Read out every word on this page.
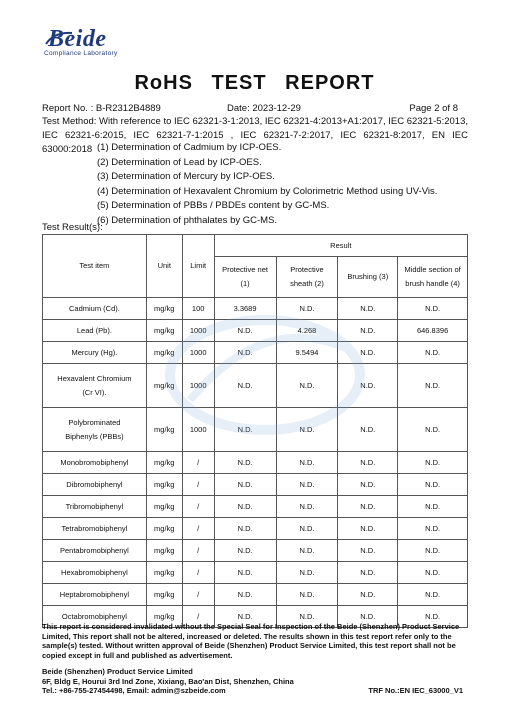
Beide
Compliance Laboratory
RoHS TEST REPORT
Report No. : B-R2312B4889	Date: 2023-12-29	Page 2 of 8
Test Method: With reference to IEC 62321-3-1:2013, IEC 62321-4:2013+A1:2017, IEC 62321-5:2013, IEC 62321-6:2015, IEC 62321-7-1:2015 , IEC 62321-7-2:2017, IEC 62321-8:2017, EN IEC 63000:2018 (1) Determination of Cadmium by ICP-OES.
(2) Determination of Lead by ICP-OES.
(3) Determination of Mercury by ICP-OES.
(4) Determination of Hexavalent Chromium by Colorimetric Method using UV-Vis.
(5) Determination of PBBs / PBDEs content by GC-MS.
(6) Determination of phthalates by GC-MS.
Test Result(s):
Test item	Unit	Limit	Result			
			Protective net (1)	Protective sheath (2)	Brushing (3)	Middle section of brush handle (4)
Cadmium (Cd).	mg/kg	100	3.3689	N.D.	N.D.	N.D.
Lead (Pb).	mg/kg	1000	N.D.	4.268	N.D.	646.8396
Mercury (Hg).	mg/kg	1000	N.D.	9.5494	N.D.	N.D.
Hexavalent Chromium (Cr VI).	mg/kg	1000	N.D.	N.D.	N.D.	N.D.
Polybrominated Biphenyls (PBBs)	mg/kg	1000	N.D.	N.D.	N.D.	N.D.
Monobromobiphenyl	mg/kg	/	N.D.	N.D.	N.D.	N.D.
Dibromobiphenyl	mg/kg	/	N.D.	N.D.	N.D.	N.D.
Tribromobiphenyl	mg/kg	/	N.D.	N.D.	N.D.	N.D.
Tetrabromobiphenyl	mg/kg	/	N.D.	N.D.	N.D.	N.D.
Pentabromobiphenyl	mg/kg	/	N.D.	N.D.	N.D.	N.D.
Hexabromobiphenyl	mg/kg	/	N.D.	N.D.	N.D.	N.D.
Heptabromobiphenyl	mg/kg	/	N.D.	N.D.	N.D.	N.D.
Octabromobiphenyl	mg/kg	/	N.D.	N.D.	N.D.	N.D.
This report is considered invalidated without the Special Seal for Inspection of the Beide (Shenzhen) Product Service Limited, This report shall not be altered, increased or deleted. The results shown in this test report refer only to the sample(s) tested. Without written approval of Beide (Shenzhen) Product Service Limited, this test report shall not be copied except in full and published as advertisement.
Beide (Shenzhen) Product Service Limited
6F, Bldg E, Hourui 3rd Ind Zone, Xixiang, Bao'an Dist, Shenzhen, China
Tel.: +86-755-27454498, Email: admin@szbeide.com	TRF No.:EN IEC_63000_V1
